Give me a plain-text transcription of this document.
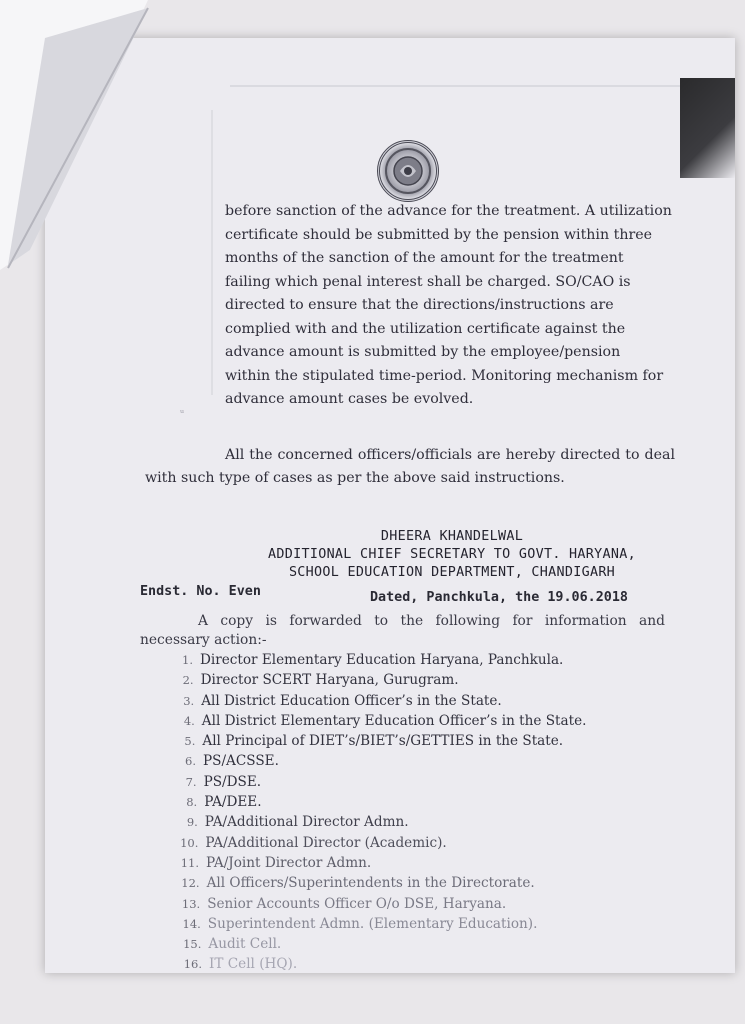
ᵤ
before sanction of the advance for the treatment. A utilization
certificate should be submitted by the pension within three
months of the sanction of the amount for the treatment
failing which penal interest shall be charged. SO/CAO is
directed to ensure that the directions/instructions are
complied with and the utilization certificate against the
advance amount is submitted by the employee/pension
within the stipulated time-period. Monitoring mechanism for
advance amount cases be evolved.
All the concerned officers/officials are hereby directed to deal with such type of cases as per the above said instructions.
DHEERA KHANDELWAL
ADDITIONAL CHIEF SECRETARY TO GOVT. HARYANA,
SCHOOL EDUCATION DEPARTMENT, CHANDIGARH
Endst. No. Even	Dated, Panchkula, the 19.06.2018
A copy is forwarded to the following for information and necessary action:-
1. Director Elementary Education Haryana, Panchkula.
2. Director SCERT Haryana, Gurugram.
3. All District Education Officer’s in the State.
4. All District Elementary Education Officer’s in the State.
5. All Principal of DIET’s/BIET’s/GETTIES in the State.
6. PS/ACSSE.
7. PS/DSE.
8. PA/DEE.
9. PA/Additional Director Admn.
10. PA/Additional Director (Academic).
11. PA/Joint Director Admn.
12. All Officers/Superintendents in the Directorate.
13. Senior Accounts Officer O/o DSE, Haryana.
14. Superintendent Admn. (Elementary Education).
15. Audit Cell.
16. IT Cell (HQ).
